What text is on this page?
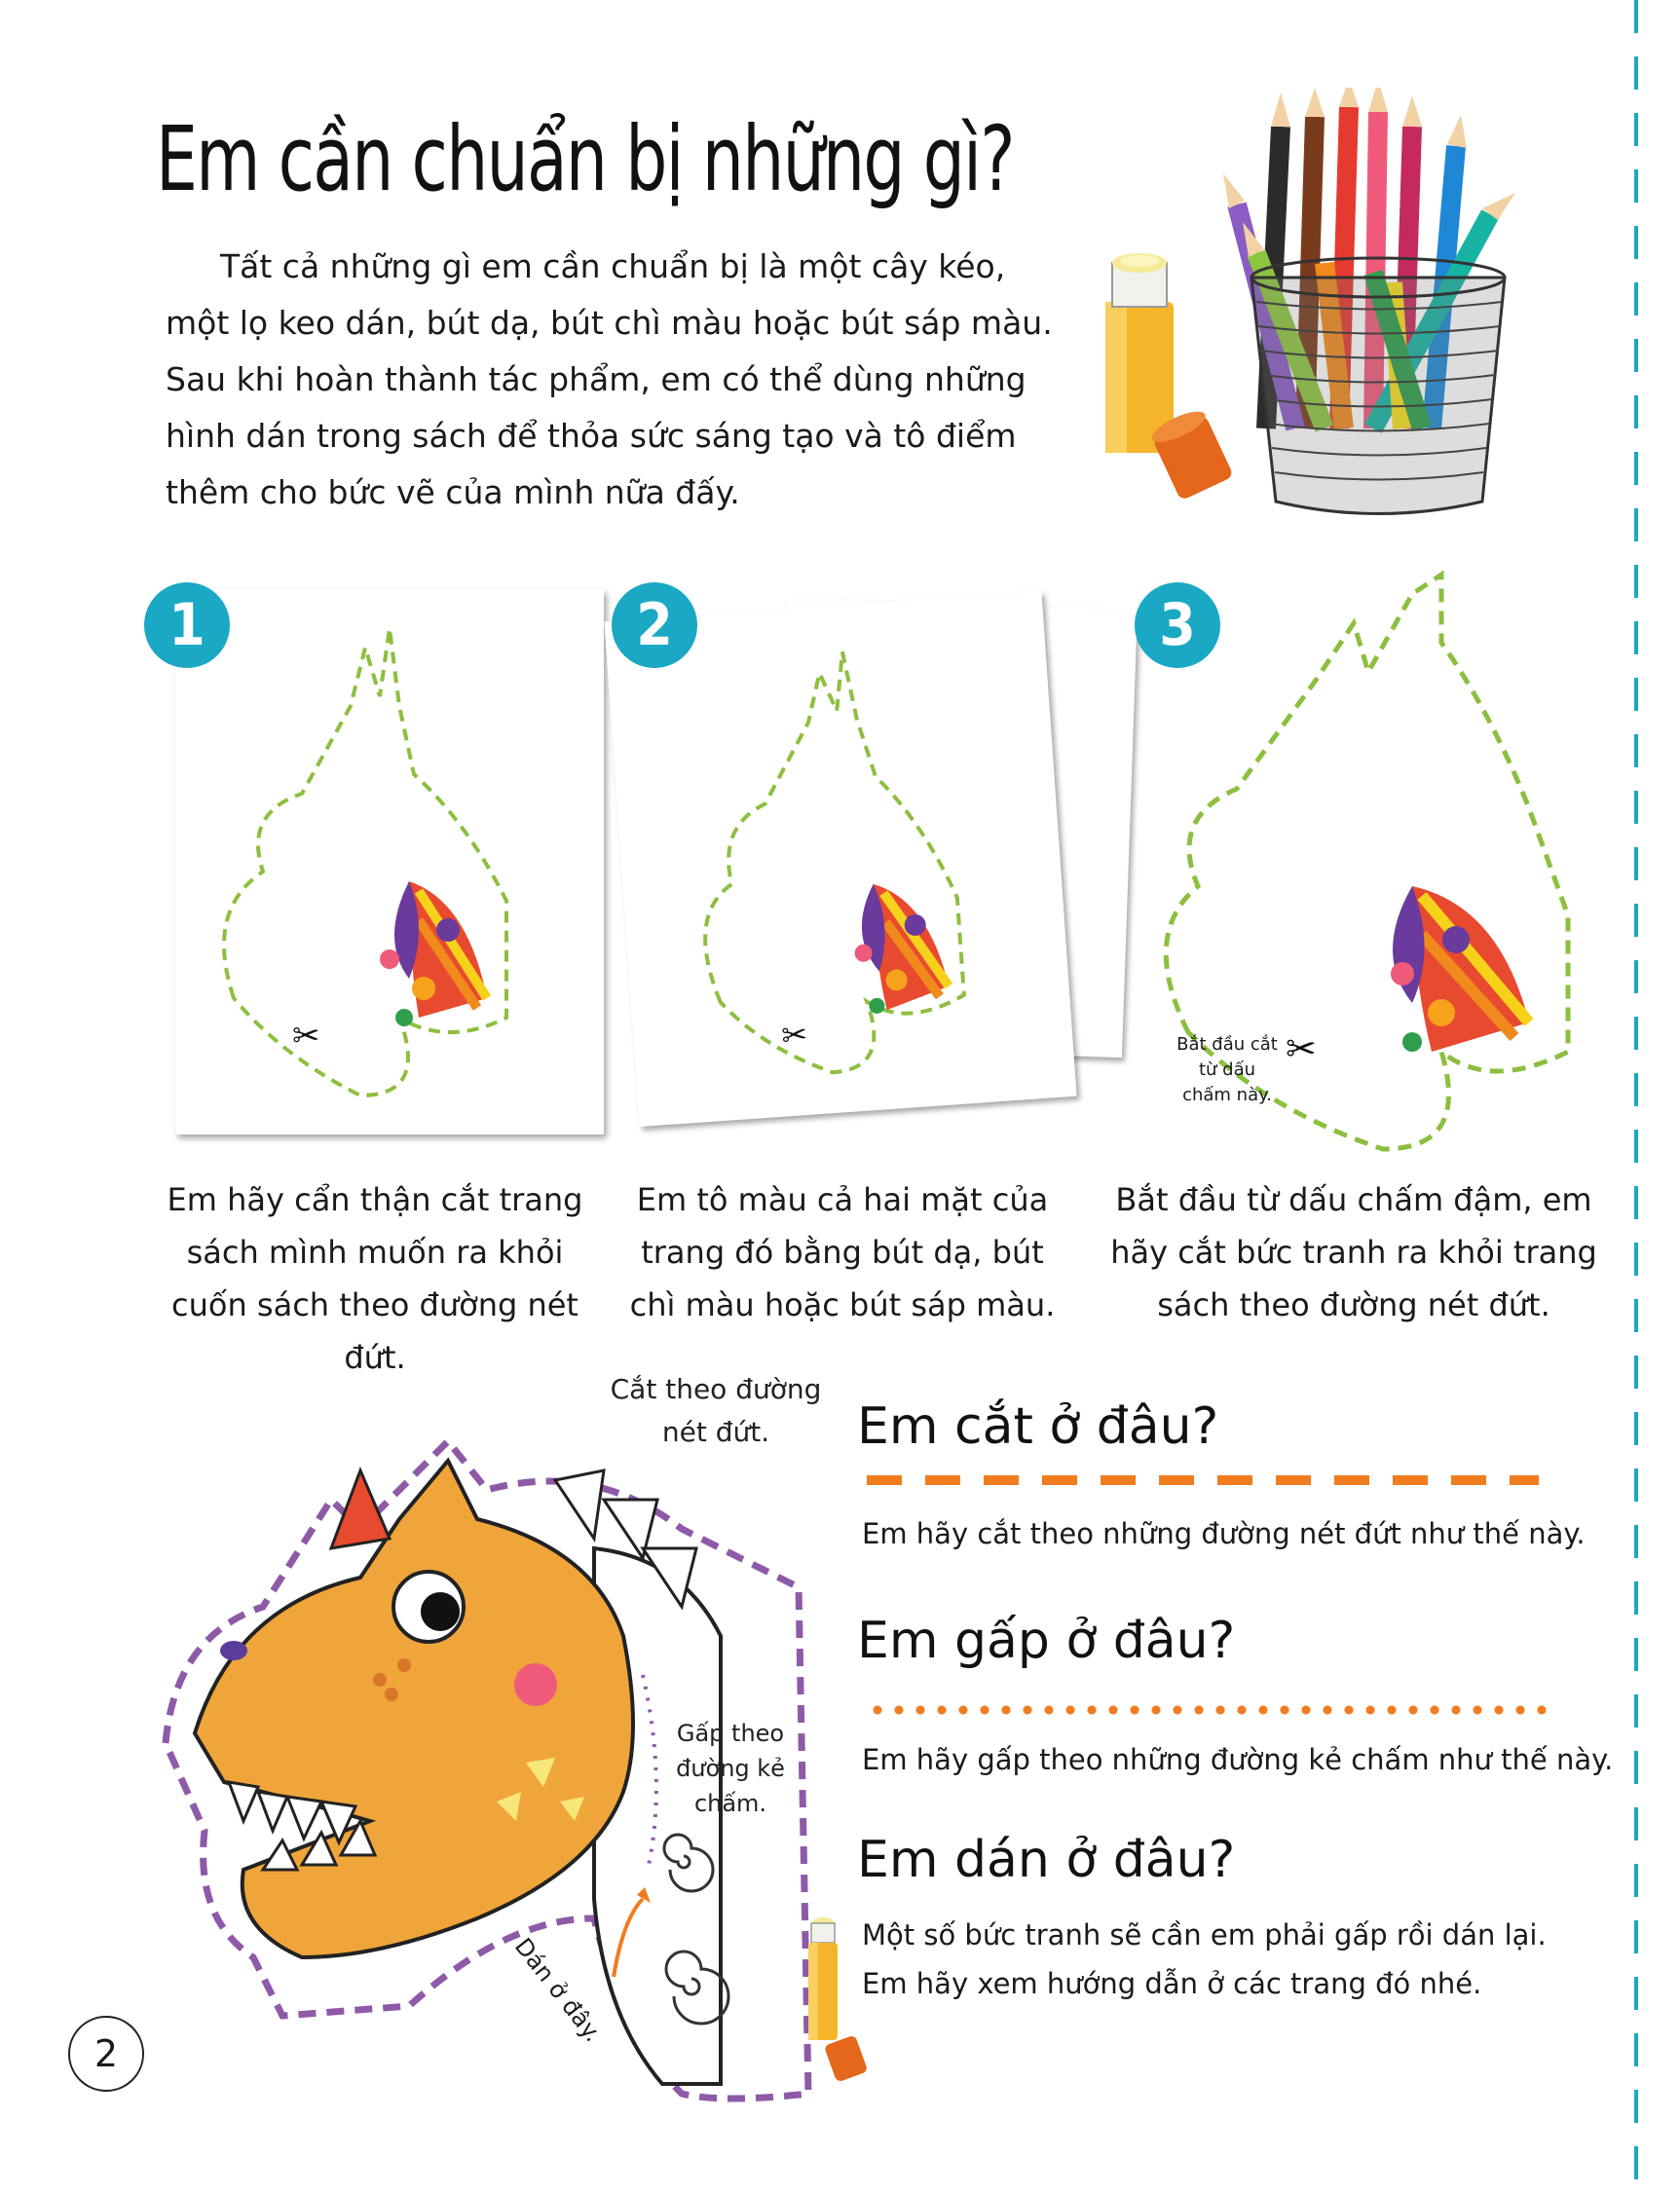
Em cần chuẩn bị những gì?

Tất cả những gì em cần chuẩn bị là một cây kéo, một lọ keo dán, bút dạ, bút chì màu hoặc bút sáp màu. Sau khi hoàn thành tác phẩm, em có thể dùng những hình dán trong sách để thỏa sức sáng tạo và tô điểm thêm cho bức vẽ của mình nữa đấy.

✂
1
Em hãy cẩn thận cắt trang sách mình muốn ra khỏi cuốn sách theo đường nét đứt.
✂
2
Em tô màu cả hai mặt của trang đó bằng bút dạ, bút chì màu hoặc bút sáp màu.
✂
3
Bắt đầu cắt từ dấu chấm này.
Bắt đầu từ dấu chấm đậm, em hãy cắt bức tranh ra khỏi trang sách theo đường nét đứt.
Cắt theo đường nét đứt.
Gấp theo đường kẻ chấm.
Dán ở đây.
Em cắt ở đâu?
Em hãy cắt theo những đường nét đứt như thế này.
Em gấp ở đâu?
Em hãy gấp theo những đường kẻ chấm như thế này.
Em dán ở đâu?
Một số bức tranh sẽ cần em phải gấp rồi dán lại.
Em hãy xem hướng dẫn ở các trang đó nhé.
2
